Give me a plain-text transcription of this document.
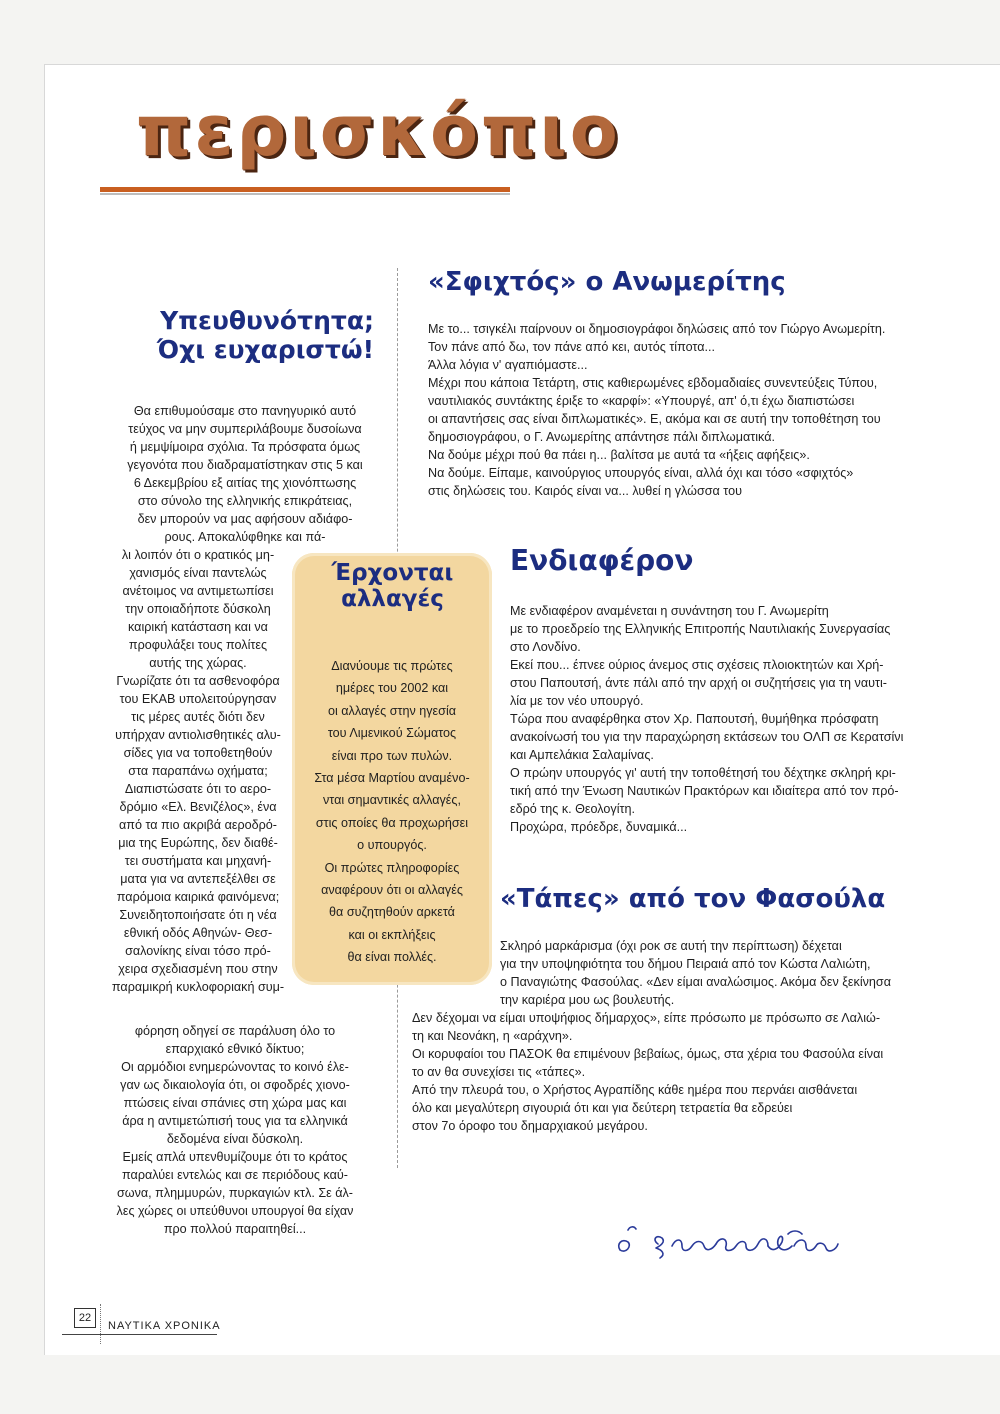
περισκόπιο
Υπευθυνότητα;
Όχι ευχαριστώ!
Θα επιθυμούσαμε στο πανηγυρικό αυτό
τεύχος να μην συμπεριλάβουμε δυσοίωνα
ή μεμψίμοιρα σχόλια. Τα πρόσφατα όμως
γεγονότα που διαδραματίστηκαν στις 5 και
6 Δεκεμβρίου εξ αιτίας της χιονόπτωσης
στο σύνολο της ελληνικής επικράτειας,
δεν μπορούν να μας αφήσουν αδιάφο-
ρους. Αποκαλύφθηκε και πά-
λι λοιπόν ότι ο κρατικός μη-
χανισμός είναι παντελώς
ανέτοιμος να αντιμετωπίσει
την οποιαδήποτε δύσκολη
καιρική κατάσταση και να
προφυλάξει τους πολίτες
αυτής της χώρας.
Γνωρίζατε ότι τα ασθενοφόρα
του ΕΚΑΒ υπολειτούργησαν
τις μέρες αυτές διότι δεν
υπήρχαν αντιολισθητικές αλυ-
σίδες για να τοποθετηθούν
στα παραπάνω οχήματα;
Διαπιστώσατε ότι το αερο-
δρόμιο «Ελ. Βενιζέλος», ένα
από τα πιο ακριβά αεροδρό-
μια της Ευρώπης, δεν διαθέ-
τει συστήματα και μηχανή-
ματα για να αντεπεξέλθει σε
παρόμοια καιρικά φαινόμενα;
Συνειδητοποιήσατε ότι η νέα
εθνική οδός Αθηνών- Θεσ-
σαλονίκης είναι τόσο πρό-
χειρα σχεδιασμένη που στην
παραμικρή κυκλοφοριακή συμ-
φόρηση οδηγεί σε παράλυση όλο το
επαρχιακό εθνικό δίκτυο;
Οι αρμόδιοι ενημερώνοντας το κοινό έλε-
γαν ως δικαιολογία ότι, οι σφοδρές χιονο-
πτώσεις είναι σπάνιες στη χώρα μας και
άρα η αντιμετώπισή τους για τα ελληνικά
δεδομένα είναι δύσκολη.
Εμείς απλά υπενθυμίζουμε ότι το κράτος
παραλύει εντελώς και σε περιόδους καύ-
σωνα, πλημμυρών, πυρκαγιών κτλ. Σε άλ-
λες χώρες οι υπεύθυνοι υπουργοί θα είχαν
προ πολλού παραιτηθεί...
Έρχονται
αλλαγές
Διανύουμε τις πρώτες
ημέρες του 2002 και
οι αλλαγές στην ηγεσία
του Λιμενικού Σώματος
είναι προ των πυλών.
Στα μέσα Μαρτίου αναμένο-
νται σημαντικές αλλαγές,
στις οποίες θα προχωρήσει
ο υπουργός.
Οι πρώτες πληροφορίες
αναφέρουν ότι οι αλλαγές
θα συζητηθούν αρκετά
και οι εκπλήξεις
θα είναι πολλές.
«Σφιχτός» ο Ανωμερίτης
Με το... τσιγκέλι παίρνουν οι δημοσιογράφοι δηλώσεις από τον Γιώργο Ανωμερίτη.
Τον πάνε από δω, τον πάνε από κει, αυτός τίποτα...
Άλλα λόγια ν' αγαπιόμαστε...
Μέχρι που κάποια Τετάρτη, στις καθιερωμένες εβδομαδιαίες συνεντεύξεις Τύπου,
ναυτιλιακός συντάκτης έριξε το «καρφί»: «Υπουργέ, απ' ό,τι έχω διαπιστώσει
οι απαντήσεις σας είναι διπλωματικές». Ε, ακόμα και σε αυτή την τοποθέτηση του
δημοσιογράφου, ο Γ. Ανωμερίτης απάντησε πάλι διπλωματικά.
Να δούμε μέχρι πού θα πάει η... βαλίτσα με αυτά τα «ήξεις αφήξεις».
Να δούμε. Είπαμε, καινούργιος υπουργός είναι, αλλά όχι και τόσο «σφιχτός»
στις δηλώσεις του. Καιρός είναι να... λυθεί η γλώσσα του
Ενδιαφέρον
Με ενδιαφέρον αναμένεται η συνάντηση του Γ. Ανωμερίτη
με το προεδρείο της Ελληνικής Επιτροπής Ναυτιλιακής Συνεργασίας
στο Λονδίνο.
Εκεί που... έπνεε ούριος άνεμος στις σχέσεις πλοιοκτητών και Χρή-
στου Παπουτσή, άντε πάλι από την αρχή οι συζητήσεις για τη ναυτι-
λία με τον νέο υπουργό.
Τώρα που αναφέρθηκα στον Χρ. Παπουτσή, θυμήθηκα πρόσφατη
ανακοίνωσή του για την παραχώρηση εκτάσεων του ΟΛΠ σε Κερατσίνι
και Αμπελάκια Σαλαμίνας.
Ο πρώην υπουργός γι' αυτή την τοποθέτησή του δέχτηκε σκληρή κρι-
τική από την Ένωση Ναυτικών Πρακτόρων και ιδιαίτερα από τον πρό-
εδρό της κ. Θεολογίτη.
Προχώρα, πρόεδρε, δυναμικά...
«Τάπες» από τον Φασούλα
Σκληρό μαρκάρισμα (όχι ροκ σε αυτή την περίπτωση) δέχεται
για την υποψηφιότητα του δήμου Πειραιά από τον Κώστα Λαλιώτη,
ο Παναγιώτης Φασούλας. «Δεν είμαι αναλώσιμος. Ακόμα δεν ξεκίνησα
την καριέρα μου ως βουλευτής.
Δεν δέχομαι να είμαι υποψήφιος δήμαρχος», είπε πρόσωπο με πρόσωπο σε Λαλιώ-
τη και Νεονάκη, η «αράχνη».
Οι κορυφαίοι του ΠΑΣΟΚ θα επιμένουν βεβαίως, όμως, στα χέρια του Φασούλα είναι
το αν θα συνεχίσει τις «τάπες».
Από την πλευρά του, ο Χρήστος Αγραπίδης κάθε ημέρα που περνάει αισθάνεται
όλο και μεγαλύτερη σιγουριά ότι και για δεύτερη τετραετία θα εδρεύει
στον 7ο όροφο του δημαρχιακού μεγάρου.
22
ΝΑΥΤΙΚΑ ΧΡΟΝΙΚΑ
